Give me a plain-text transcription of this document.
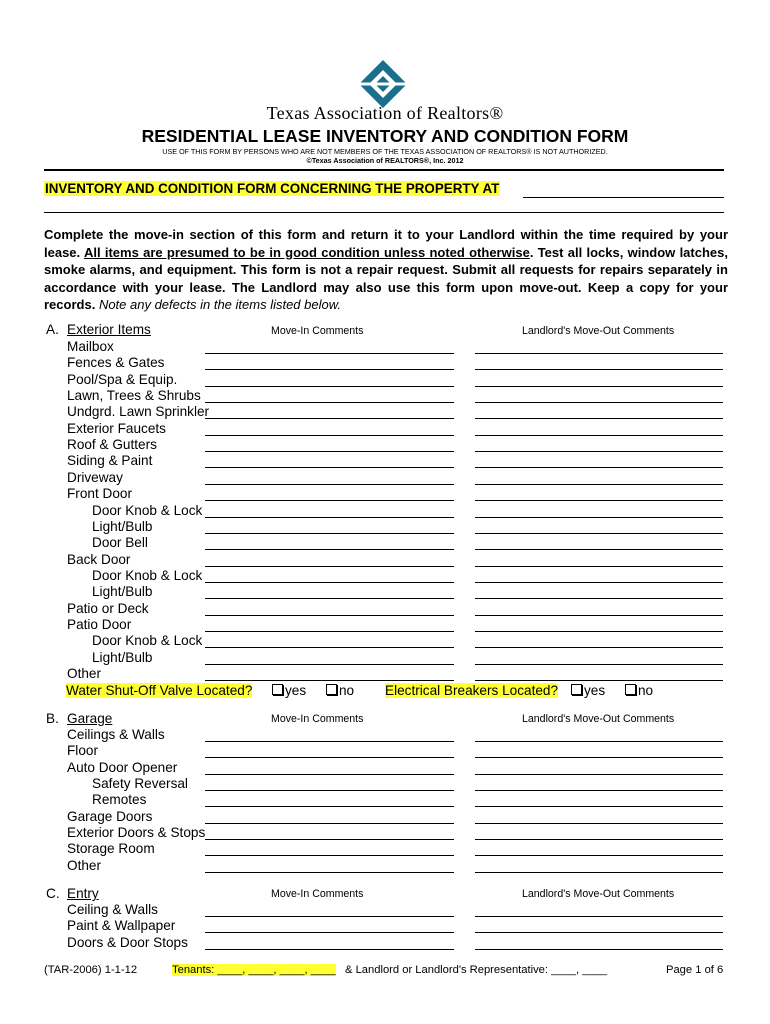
Texas Association of Realtors®
RESIDENTIAL LEASE INVENTORY AND CONDITION FORM
USE OF THIS FORM BY PERSONS WHO ARE NOT MEMBERS OF THE TEXAS ASSOCIATION OF REALTORS® IS NOT AUTHORIZED.
©Texas Association of REALTORS®, Inc. 2012
INVENTORY AND CONDITION FORM CONCERNING THE PROPERTY AT
Complete the move-in section of this form and return it to your Landlord within the time required by your lease. All items are presumed to be in good condition unless noted otherwise. Test all locks, window latches, smoke alarms, and equipment. This form is not a repair request. Submit all requests for repairs separately in accordance with your lease. The Landlord may also use this form upon move-out. Keep a copy for your records. Note any defects in the items listed below.
A. Exterior Items	Move-In Comments	Landlord's Move-Out Comments
Mailbox
Fences & Gates
Pool/Spa & Equip.
Lawn, Trees & Shrubs
Undgrd. Lawn Sprinkler
Exterior Faucets
Roof & Gutters
Siding & Paint
Driveway
Front Door
Door Knob & Lock
Light/Bulb
Door Bell
Back Door
Door Knob & Lock
Light/Bulb
Patio or Deck
Patio Door
Door Knob & Lock
Light/Bulb
Other
Water Shut-Off Valve Located?	yes	no Electrical Breakers Located?	yes	no
B. Garage	Move-In Comments	Landlord's Move-Out Comments
Ceilings & Walls
Floor
Auto Door Opener
Safety Reversal
Remotes
Garage Doors
Exterior Doors & Stops
Storage Room
Other
C. Entry	Move-In Comments	Landlord's Move-Out Comments
Ceiling & Walls
Paint & Wallpaper
Doors & Door Stops
(TAR-2006) 1-1-12	Tenants: ____, ____, ____, ____ & Landlord or Landlord's Representative: ____, ____	Page 1 of 6
